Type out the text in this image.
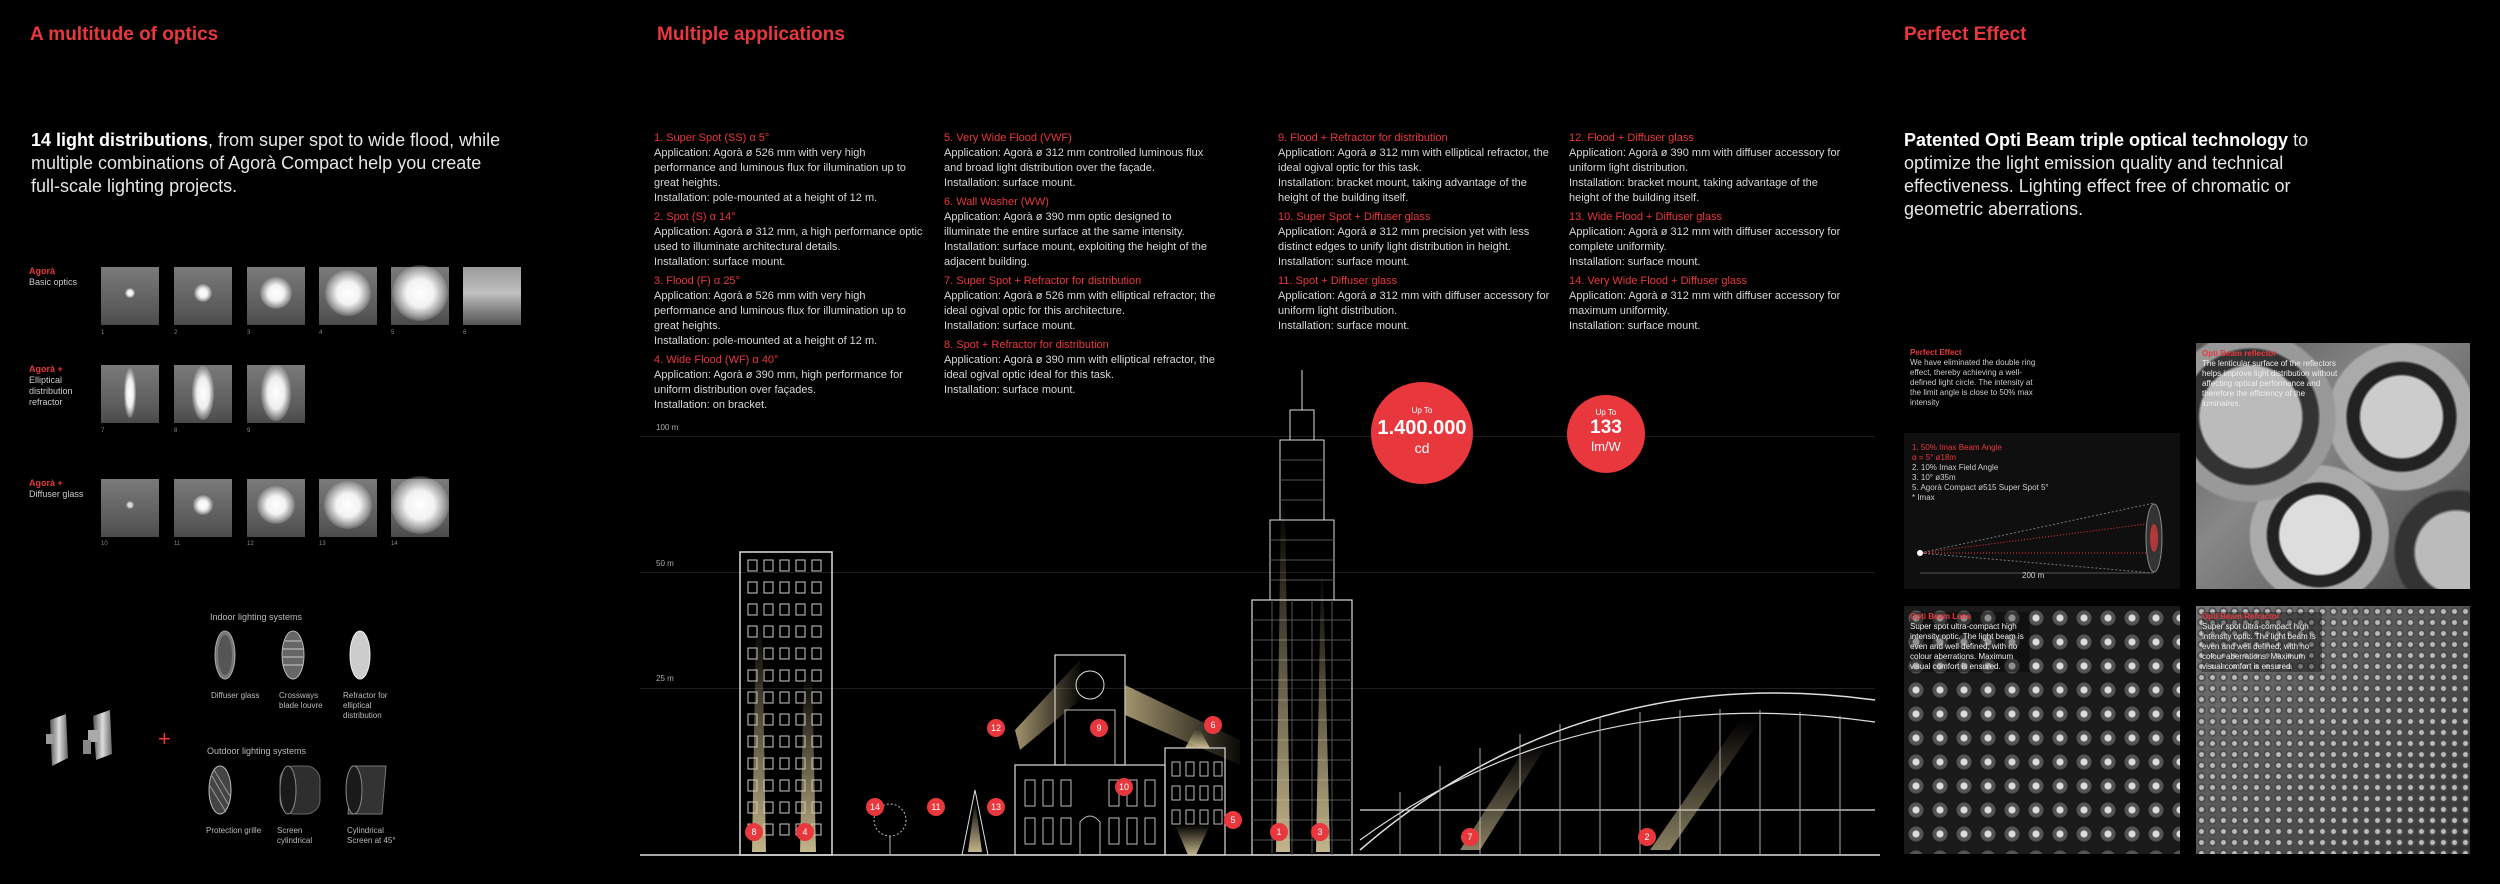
A multitude of optics
14 light distributions, from super spot to wide flood, while multiple combinations of Agorà Compact help you create full-scale lighting projects.
Agorà
Basic optics
Agorà +
Elliptical distribution refractor
Agorà +
Diffuser glass
1	2	3	4	5	6
7	8	9
10	11	12	13	14
+
Indoor lighting systems
Diffuser glass	Crossways blade louvre
Refractor for elliptical distribution
Outdoor lighting systems
Protection grille	Screen cylindrical
Cylindrical Screen at 45°
Multiple applications

1. Super Spot (SS) α 5°
Application: Agorà ø 526 mm with very high performance and luminous flux for illumination up to great heights.
Installation: pole-mounted at a height of 12 m.

2. Spot (S) α 14°
Application: Agorà ø 312 mm, a high performance optic used to illuminate architectural details.
Installation: surface mount.

3. Flood (F) α 25°
Application: Agorà ø 526 mm with very high performance and luminous flux for illumination up to great heights.
Installation: pole-mounted at a height of 12 m.

4. Wide Flood (WF) α 40°
Application: Agorà ø 390 mm, high performance for uniform distribution over façades.
Installation: on bracket.

5. Very Wide Flood (VWF)
Application: Agorà ø 312 mm controlled luminous flux and broad light distribution over the façade.
Installation: surface mount.

6. Wall Washer (WW)
Application: Agorà ø 390 mm optic designed to illuminate the entire surface at the same intensity.
Installation: surface mount, exploiting the height of the adjacent building.

7. Super Spot + Refractor for distribution
Application: Agorà ø 526 mm with elliptical refractor; the ideal ogival optic for this architecture.
Installation: surface mount.

8. Spot + Refractor for distribution
Application: Agorà ø 390 mm with elliptical refractor, the ideal ogival optic ideal for this task.
Installation: surface mount.

9. Flood + Refractor for distribution
Application: Agorà ø 312 mm with elliptical refractor, the ideal ogival optic for this task.
Installation: bracket mount, taking advantage of the height of the building itself.

10. Super Spot + Diffuser glass
Application: Agorà ø 312 mm precision yet with less distinct edges to unify light distribution in height.
Installation: surface mount.

11. Spot + Diffuser glass
Application: Agorà ø 312 mm with diffuser accessory for uniform light distribution.
Installation: surface mount.

12. Flood + Diffuser glass
Application: Agorà ø 390 mm with diffuser accessory for uniform light distribution.
Installation: bracket mount, taking advantage of the height of the building itself.

13. Wide Flood + Diffuser glass
Application: Agorà ø 312 mm with diffuser accessory for complete uniformity.
Installation: surface mount.

14. Very Wide Flood + Diffuser glass
Application: Agorà ø 312 mm with diffuser accessory for maximum uniformity.
Installation: surface mount.

100 m
50 m
25 m
Up To
1.400.000
cd
Up To
133
lm/W
8	4
14	11	13
12	9
10
6
5
1	3	7	2
Perfect Effect
Patented Opti Beam triple optical technology to optimize the light emission quality and technical effectiveness. Lighting effect free of chromatic or geometric aberrations.
Perfect Effect
We have eliminated the double ring effect, thereby achieving a well-defined light circle. The intensity at the limit angle is close to 50% max intensity
1. 50% Imax Beam Angle
α = 5° ø18m
2. 10% Imax Field Angle
3. 10° ø35m
5. Agorà Compact ø515 Super Spot 5°
* Imax
200 m
Opti Beam reflector
The lenticular surface of the reflectors helps improve light distribution without affecting optical performance and therefore the efficiency of the luminaires.
Opti Beam Lens
Super spot ultra-compact high intensity optic. The light beam is even and well defined, with no colour aberrations. Maximum visual comfort is ensured.
Opti Beam Refractor
Super spot ultra-compact high intensity optic. The light beam is even and well defined, with no colour aberrations. Maximum visual comfort is ensured.
